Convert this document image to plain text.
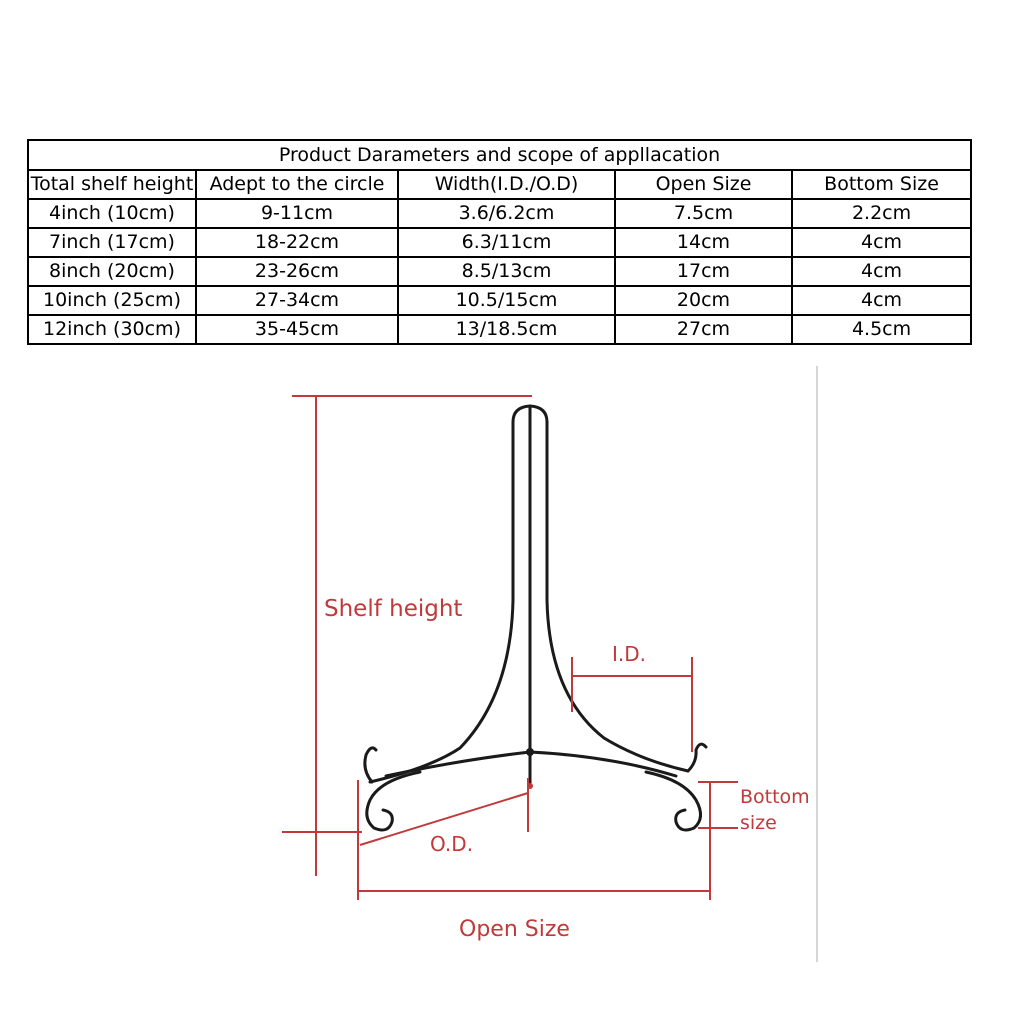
Product Darameters and scope of appllacation				
Total shelf height	Adept to the circle	Width(I.D./O.D)	Open Size	Bottom Size
4inch (10cm)	9-11cm	3.6/6.2cm	7.5cm	2.2cm
7inch (17cm)	18-22cm	6.3/11cm	14cm	4cm
8inch (20cm)	23-26cm	8.5/13cm	17cm	4cm
10inch (25cm)	27-34cm	10.5/15cm	20cm	4cm
12inch (30cm)	35-45cm	13/18.5cm	27cm	4.5cm
Shelf height
I.D.
O.D.
Open Size
Bottom
size
